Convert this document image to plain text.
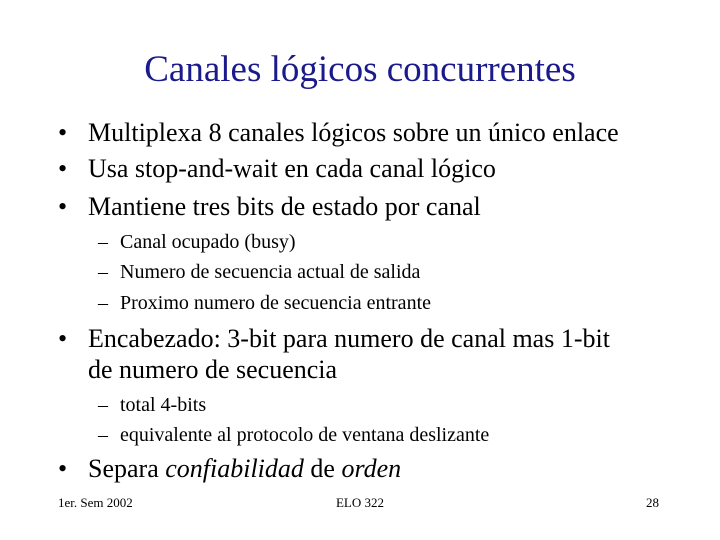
Canales lógicos concurrentes
• Multiplexa 8 canales lógicos sobre un único enlace
• Usa stop-and-wait en cada canal lógico
• Mantiene tres bits de estado por canal
– Canal ocupado (busy)
– Numero de secuencia actual de salida
– Proximo numero de secuencia entrante
• Encabezado: 3-bit para numero de canal mas 1-bit
de numero de secuencia
– total 4-bits
– equivalente al protocolo de ventana deslizante
• Separa confiabilidad de orden
1er. Sem 2002	ELO 322	28
